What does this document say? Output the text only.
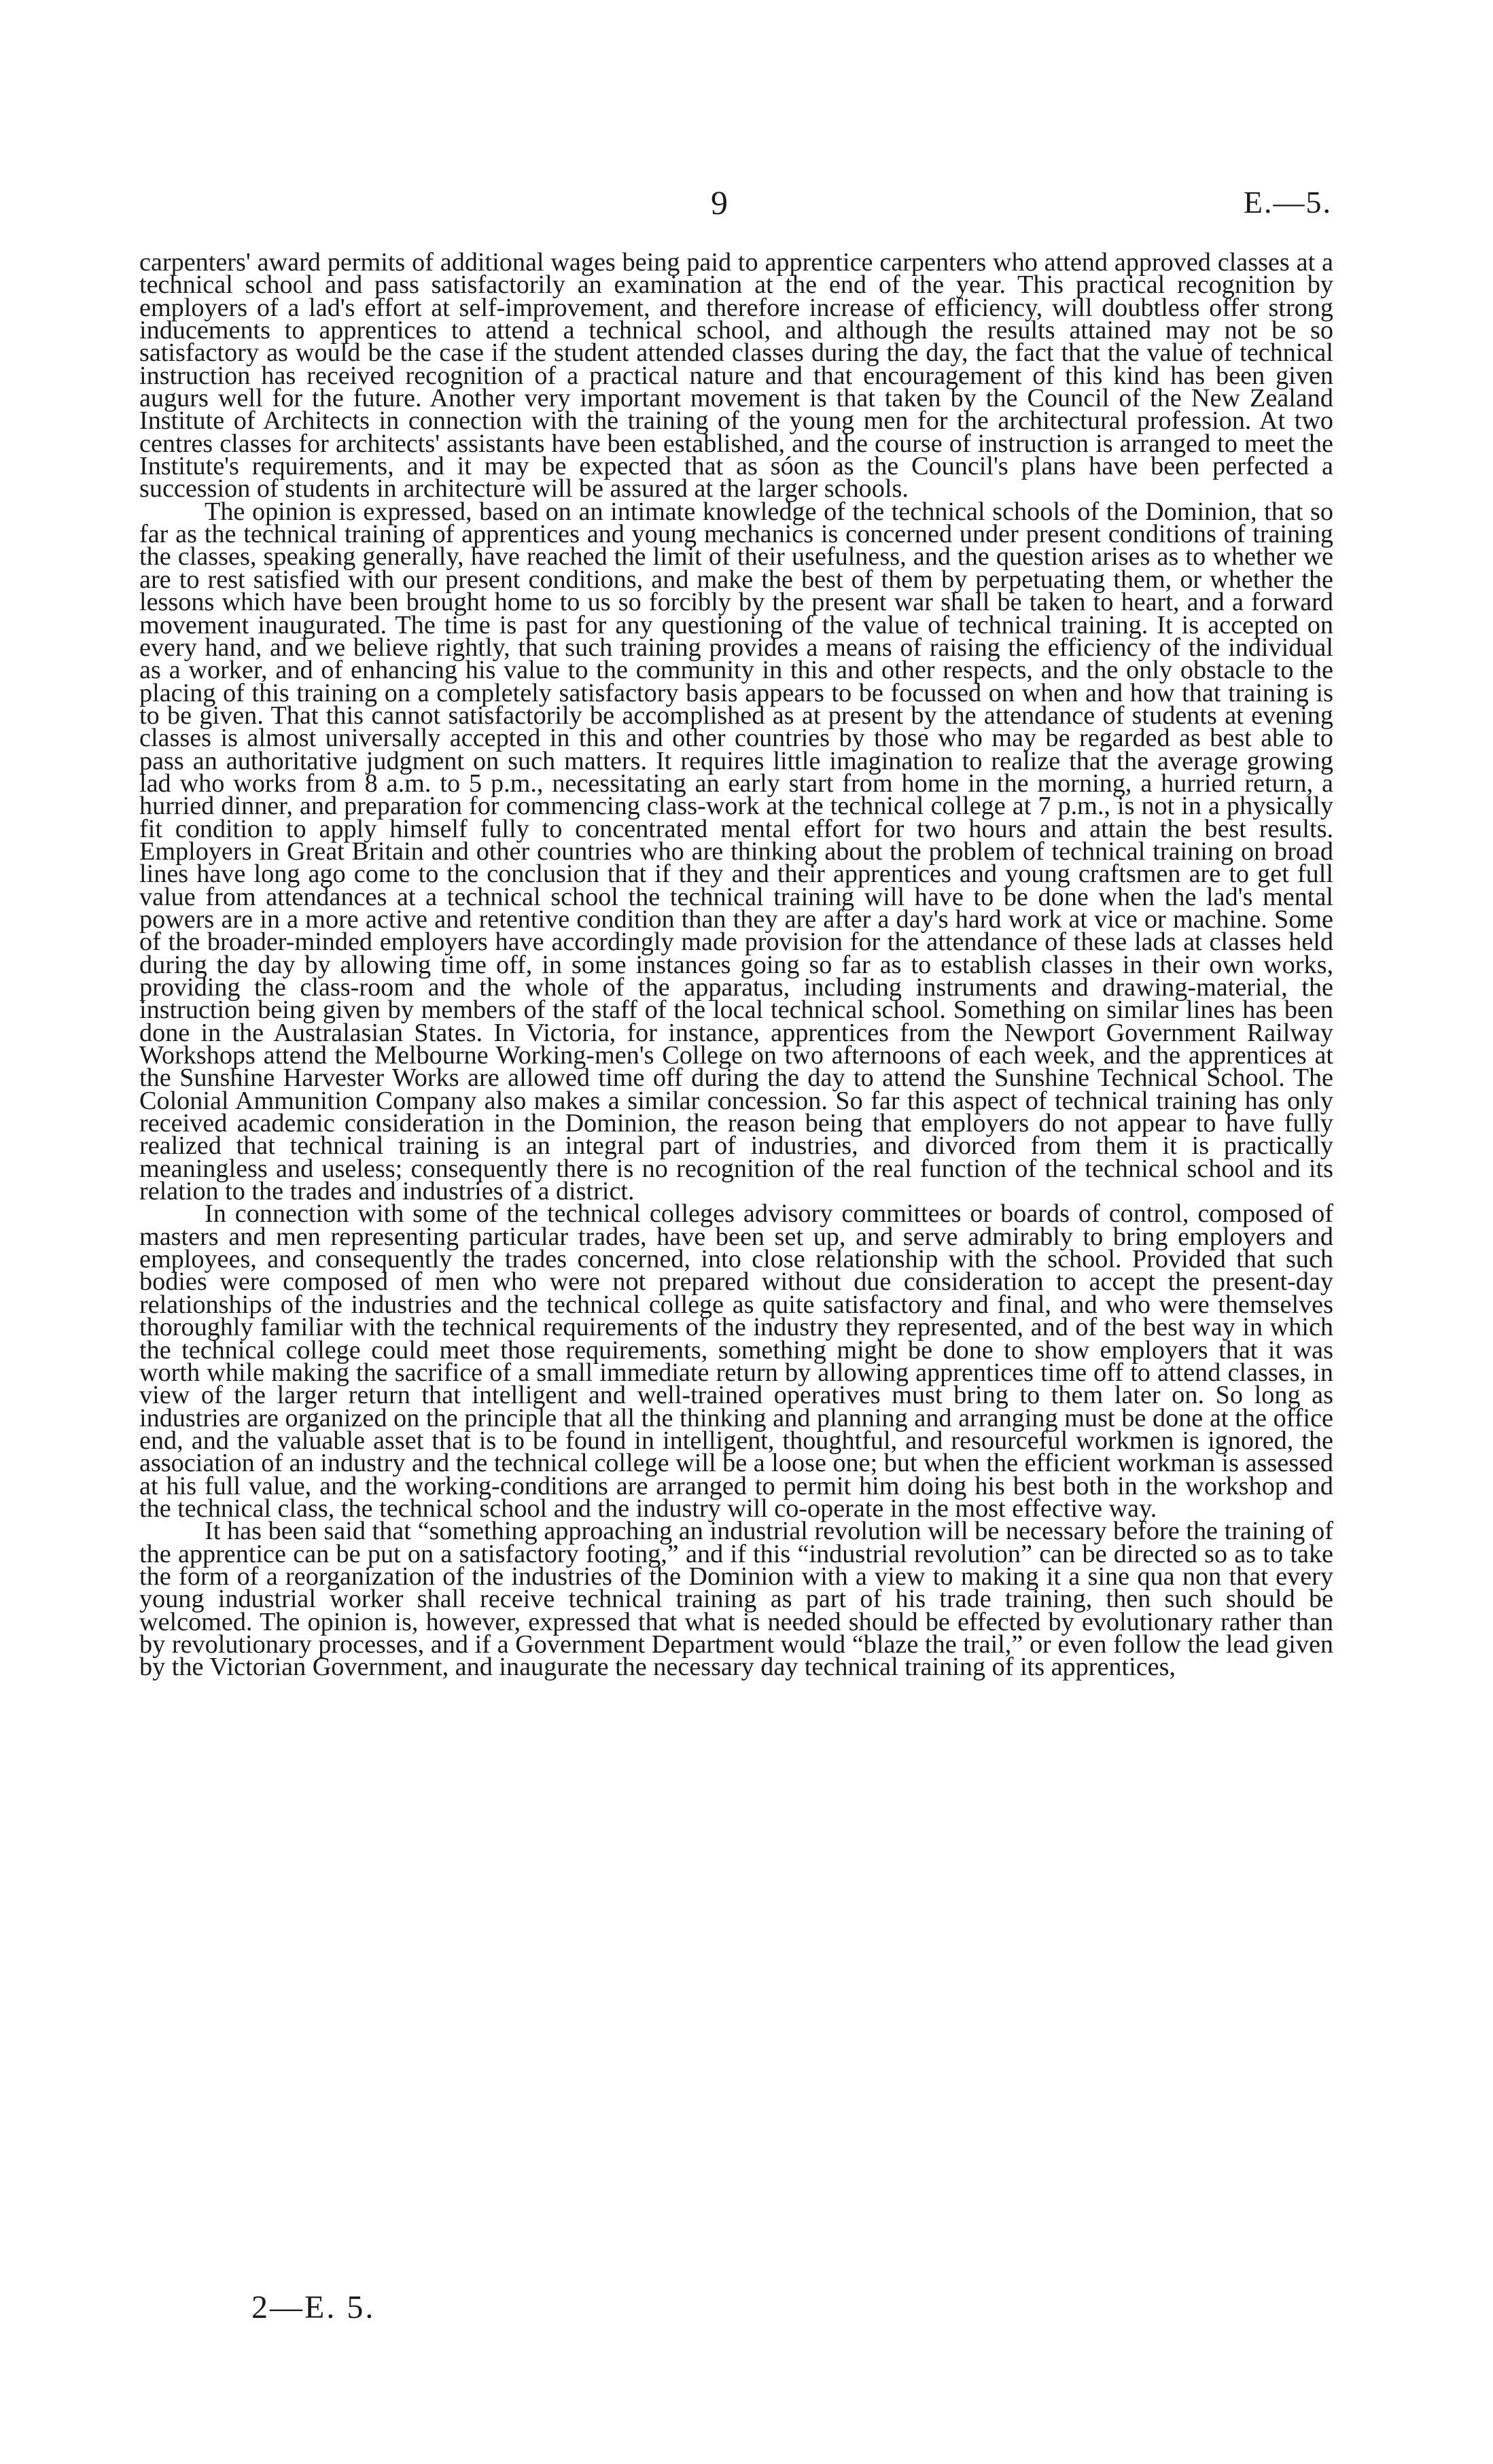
9	E.—5.

carpenters' award permits of additional wages being paid to apprentice carpenters who attend approved classes at a technical school and pass satisfactorily an examination at the end of the year. This practical recognition by employers of a lad's effort at self-improvement, and therefore increase of efficiency, will doubtless offer strong inducements to apprentices to attend a technical school, and although the results attained may not be so satisfactory as would be the case if the student attended classes during the day, the fact that the value of technical instruction has received recognition of a practical nature and that encouragement of this kind has been given augurs well for the future. Another very important movement is that taken by the Council of the New Zealand Institute of Architects in connection with the training of the young men for the architectural profession. At two centres classes for architects' assistants have been established, and the course of instruction is arranged to meet the Institute's requirements, and it may be expected that as sóon as the Council's plans have been perfected a succession of students in architecture will be assured at the larger schools.

The opinion is expressed, based on an intimate knowledge of the technical schools of the Dominion, that so far as the technical training of apprentices and young mechanics is concerned under present conditions of training the classes, speaking generally, have reached the limit of their usefulness, and the question arises as to whether we are to rest satisfied with our present conditions, and make the best of them by perpetuating them, or whether the lessons which have been brought home to us so forcibly by the present war shall be taken to heart, and a forward movement inaugurated. The time is past for any questioning of the value of technical training. It is accepted on every hand, and we believe rightly, that such training provides a means of raising the efficiency of the individual as a worker, and of enhancing his value to the community in this and other respects, and the only obstacle to the placing of this training on a completely satisfactory basis appears to be focussed on when and how that training is to be given. That this cannot satisfactorily be accomplished as at present by the attendance of students at evening classes is almost universally accepted in this and other countries by those who may be regarded as best able to pass an authoritative judgment on such matters. It requires little imagination to realize that the average growing lad who works from 8 a.m. to 5 p.m., necessitating an early start from home in the morning, a hurried return, a hurried dinner, and preparation for commencing class-work at the technical college at 7 p.m., is not in a physically fit condition to apply himself fully to concentrated mental effort for two hours and attain the best results. Employers in Great Britain and other countries who are thinking about the problem of technical training on broad lines have long ago come to the conclusion that if they and their apprentices and young craftsmen are to get full value from attendances at a technical school the technical training will have to be done when the lad's mental powers are in a more active and retentive condition than they are after a day's hard work at vice or machine. Some of the broader-minded employers have accordingly made provision for the attendance of these lads at classes held during the day by allowing time off, in some instances going so far as to establish classes in their own works, providing the class-room and the whole of the apparatus, including instruments and drawing-material, the instruction being given by members of the staff of the local technical school. Something on similar lines has been done in the Australasian States. In Victoria, for instance, apprentices from the Newport Government Railway Workshops attend the Melbourne Working-men's College on two afternoons of each week, and the apprentices at the Sunshine Harvester Works are allowed time off during the day to attend the Sunshine Technical School. The Colonial Ammunition Company also makes a similar concession. So far this aspect of technical training has only received academic consideration in the Dominion, the reason being that employers do not appear to have fully realized that technical training is an integral part of industries, and divorced from them it is practically meaningless and useless; consequently there is no recognition of the real function of the technical school and its relation to the trades and industries of a district.

In connection with some of the technical colleges advisory committees or boards of control, composed of masters and men representing particular trades, have been set up, and serve admirably to bring employers and employees, and consequently the trades concerned, into close relationship with the school. Provided that such bodies were composed of men who were not prepared without due consideration to accept the present-day relationships of the industries and the technical college as quite satisfactory and final, and who were themselves thoroughly familiar with the technical requirements of the industry they represented, and of the best way in which the technical college could meet those requirements, something might be done to show employers that it was worth while making the sacrifice of a small immediate return by allowing apprentices time off to attend classes, in view of the larger return that intelligent and well-trained operatives must bring to them later on. So long as industries are organized on the principle that all the thinking and planning and arranging must be done at the office end, and the valuable asset that is to be found in intelligent, thoughtful, and resourceful workmen is ignored, the association of an industry and the technical college will be a loose one; but when the efficient workman is assessed at his full value, and the working-conditions are arranged to permit him doing his best both in the workshop and the technical class, the technical school and the industry will co-operate in the most effective way.

It has been said that “something approaching an industrial revolution will be necessary before the training of the apprentice can be put on a satisfactory footing,” and if this “industrial revolution” can be directed so as to take the form of a reorganization of the industries of the Dominion with a view to making it a sine qua non that every young industrial worker shall receive technical training as part of his trade training, then such should be welcomed. The opinion is, however, expressed that what is needed should be effected by evolutionary rather than by revolutionary processes, and if a Government Department would “blaze the trail,” or even follow the lead given by the Victorian Government, and inaugurate the necessary day technical training of its apprentices,

2—E. 5.
